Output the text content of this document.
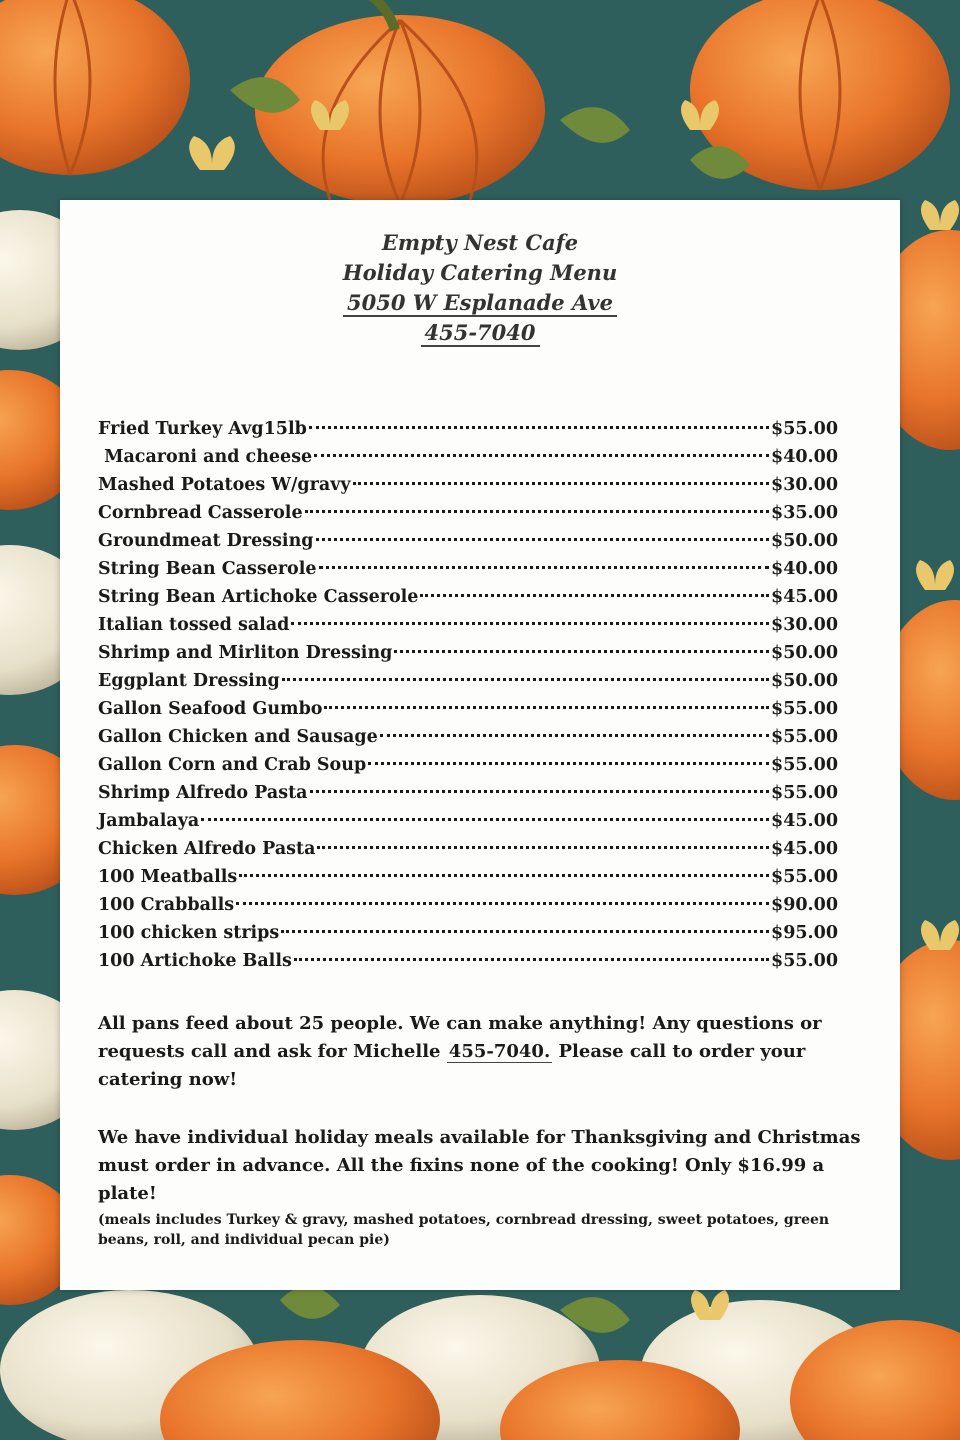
Empty Nest Cafe
Holiday Catering Menu
5050 W Esplanade Ave
455-7040
Fried Turkey Avg15lb	$55.00
Macaroni and cheese	$40.00
Mashed Potatoes W/gravy	$30.00
Cornbread Casserole	$35.00
Groundmeat Dressing	$50.00
String Bean Casserole	$40.00
String Bean Artichoke Casserole	$45.00
Italian tossed salad	$30.00
Shrimp and Mirliton Dressing	$50.00
Eggplant Dressing	$50.00
Gallon Seafood Gumbo	$55.00
Gallon Chicken and Sausage	$55.00
Gallon Corn and Crab Soup	$55.00
Shrimp Alfredo Pasta	$55.00
Jambalaya	$45.00
Chicken Alfredo Pasta	$45.00
100 Meatballs	$55.00
100 Crabballs	$90.00
100 chicken strips	$95.00
100 Artichoke Balls	$55.00
All pans feed about 25 people. We can make anything! Any questions or requests call and ask for Michelle 455-7040. Please call to order your catering now!
We have individual holiday meals available for Thanksgiving and Christmas must order in advance. All the fixins none of the cooking! Only $16.99 a plate!
(meals includes Turkey & gravy, mashed potatoes, cornbread dressing, sweet potatoes, green beans, roll, and individual pecan pie)
